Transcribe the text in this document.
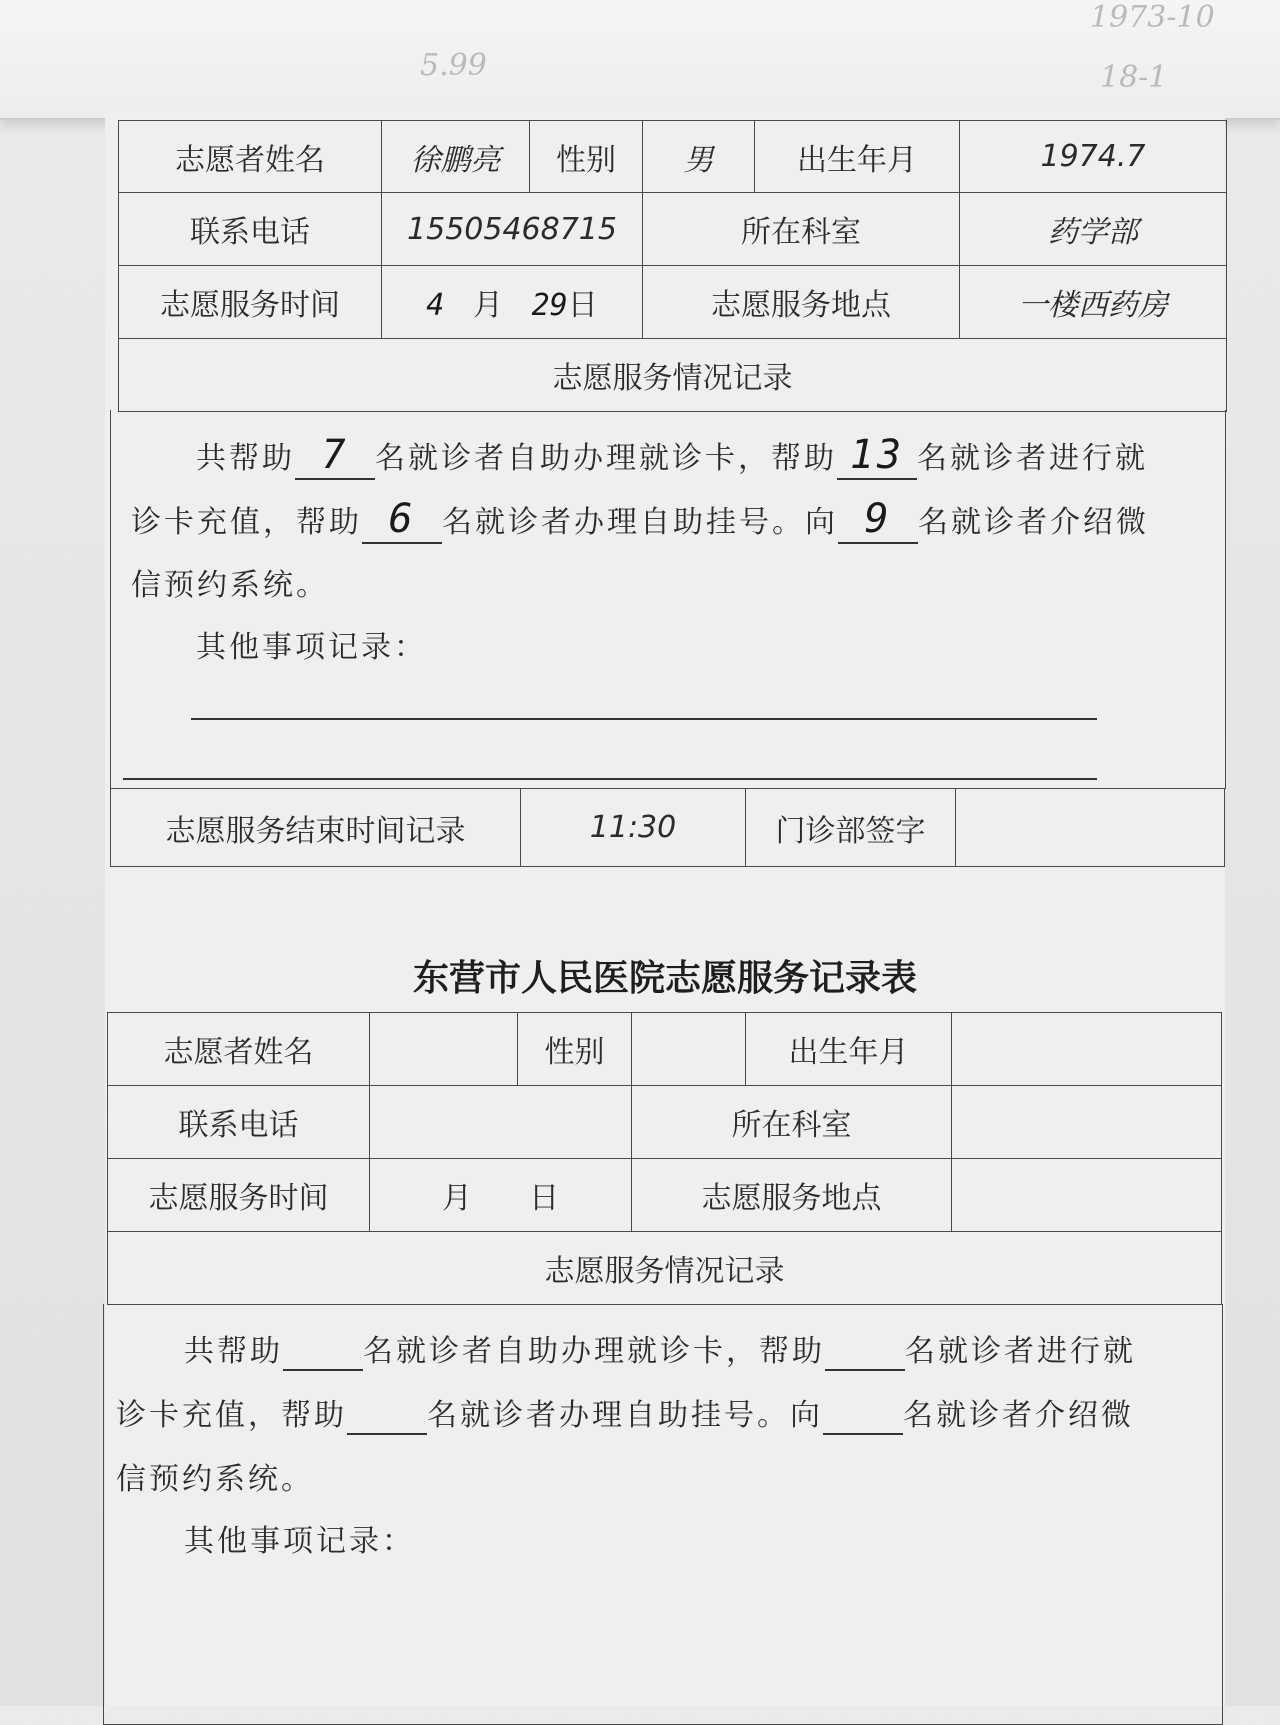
1973-10
5.99	18-1
志愿者姓名	徐鹏亮	性别	男	出生年月	1974.7
联系电话	15505468715		所在科室		药学部
志愿服务时间	4 月 29日		志愿服务地点		一楼西药房
志愿服务情况记录					
共帮助 7 名就诊者自助办理就诊卡，帮助 13 名就诊者进行就
诊卡充值，帮助 6 名就诊者办理自助挂号。向 9 名就诊者介绍微
信预约系统。
其他事项记录：
志愿服务结束时间记录	11:30	门诊部签字	
东营市人民医院志愿服务记录表
志愿者姓名		性别		出生年月	
联系电话			所在科室		
志愿服务时间	月 日		志愿服务地点		
志愿服务情况记录					
共帮助	名就诊者自助办理就诊卡，帮助	名就诊者进行就
诊卡充值，帮助	名就诊者办理自助挂号。向	名就诊者介绍微
信预约系统。
其他事项记录：
